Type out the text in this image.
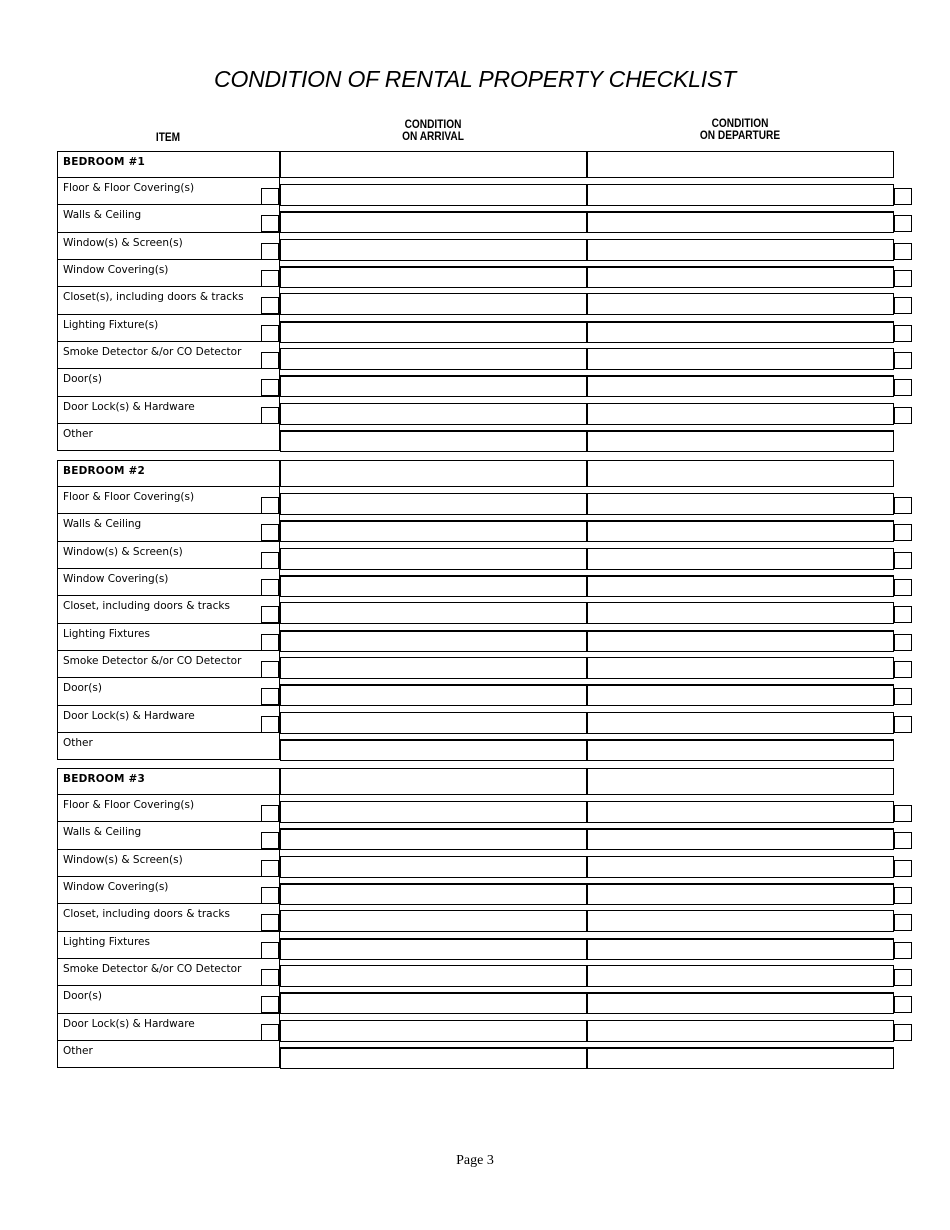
CONDITION OF RENTAL PROPERTY CHECKLIST
ITEM
CONDITION
ON ARRIVAL
CONDITION
ON DEPARTURE
BEDROOM #1
Floor & Floor Covering(s)
Walls & Ceiling
Window(s) & Screen(s)
Window Covering(s)
Closet(s), including doors & tracks
Lighting Fixture(s)
Smoke Detector &/or CO Detector
Door(s)
Door Lock(s) & Hardware
Other
BEDROOM #2
Floor & Floor Covering(s)
Walls & Ceiling
Window(s) & Screen(s)
Window Covering(s)
Closet, including doors & tracks
Lighting Fixtures
Smoke Detector &/or CO Detector
Door(s)
Door Lock(s) & Hardware
Other
BEDROOM #3
Floor & Floor Covering(s)
Walls & Ceiling
Window(s) & Screen(s)
Window Covering(s)
Closet, including doors & tracks
Lighting Fixtures
Smoke Detector &/or CO Detector
Door(s)
Door Lock(s) & Hardware
Other
Page 3
